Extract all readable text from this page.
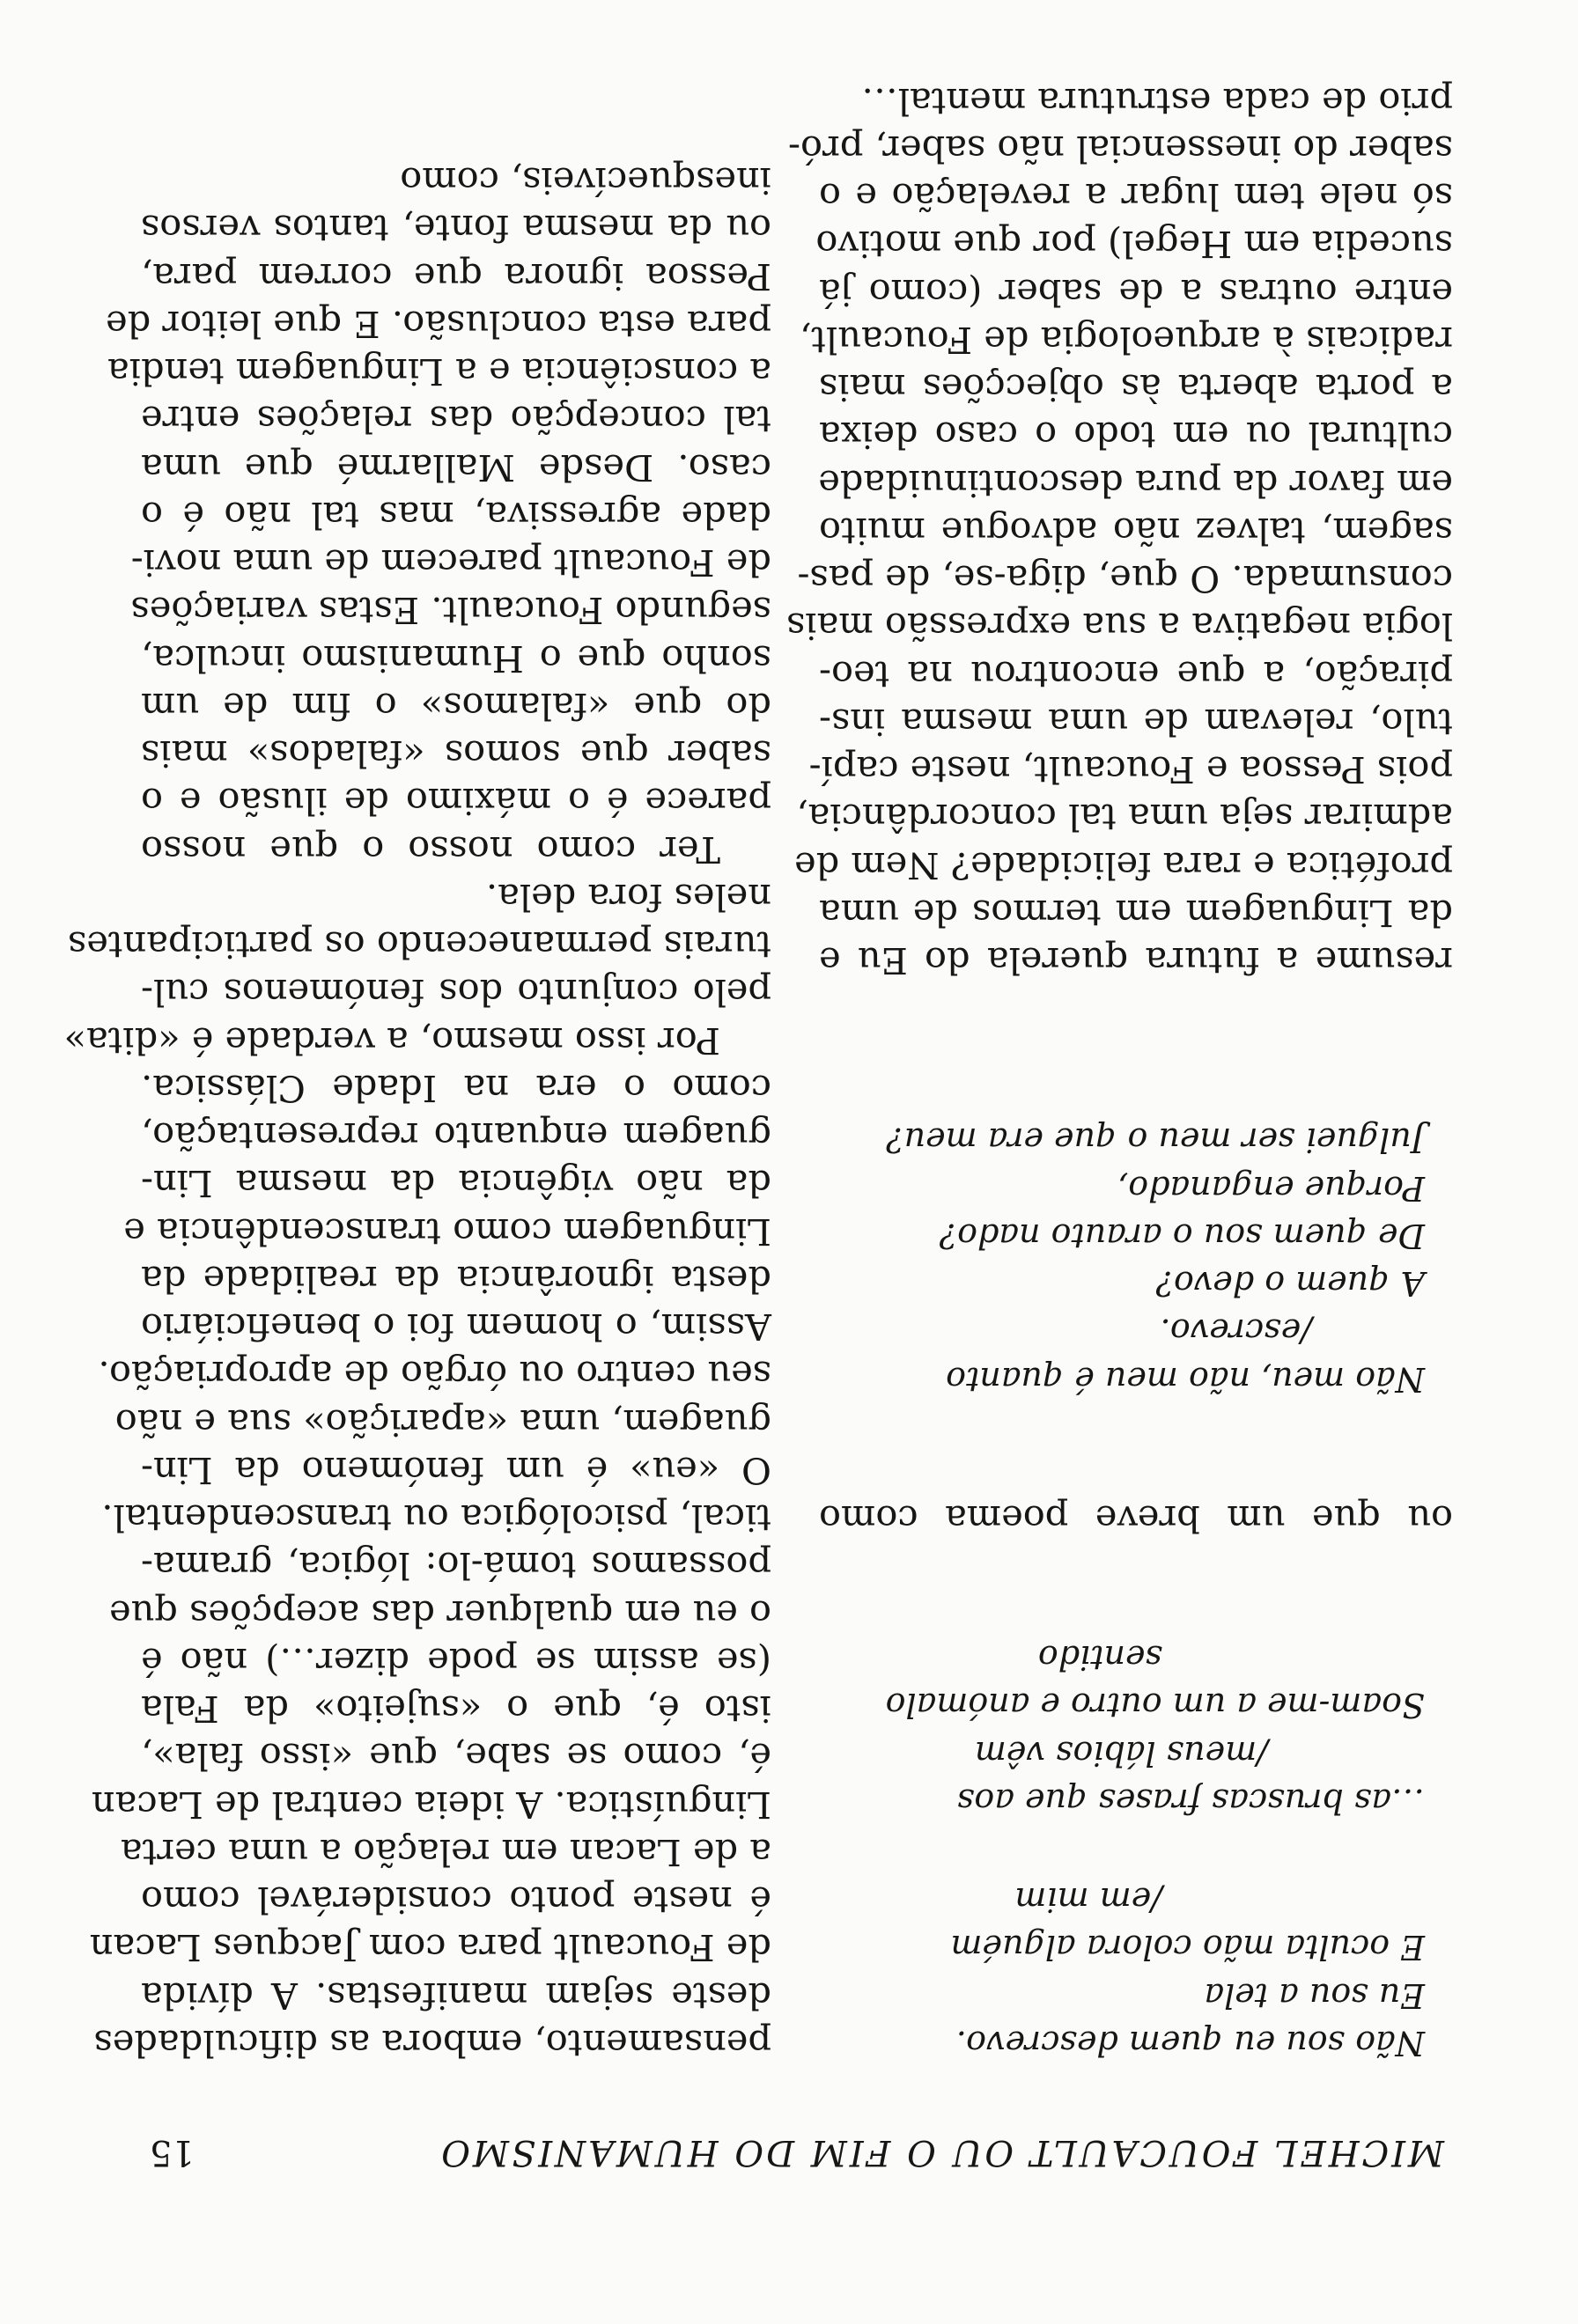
MICHEL FOUCAULT OU O FIM DO HUMANISMO
15
Não sou eu quem descrevo.
Eu sou a tela
E oculta mão colora alguém
/em mim
…as bruscas frases que aos
/meus lábios vêm
Soam-me a um outro e anómalo
sentido
ou que um breve poema como
Não meu, não meu é quanto
/escrevo.
A quem o devo?
De quem sou o arauto nado?
Porque enganado,
Julguei ser meu o que era meu?
resume a futura querela do Eu e
da Linguagem em termos de uma
profética e rara felicidade? Nem de
admirar seja uma tal concordância,
pois Pessoa e Foucault, neste capí-
tulo, relevam de uma mesma ins-
piração, a que encontrou na teo-
logia negativa a sua expressão mais
consumada. O que, diga-se, de pas-
sagem, talvez não advogue muito
em favor da pura descontinuidade
cultural ou em todo o caso deixa
a porta aberta às objecções mais
radicais à arqueologia de Foucault,
entre outras a de saber (como já
sucedia em Hegel) por que motivo
só nele tem lugar a revelação e o
saber do inessencial não saber, pró-
prio de cada estrutura mental…
pensamento, embora as dificuldades
deste sejam manifestas. A dívida
de Foucault para com Jacques Lacan
é neste ponto considerável como
a de Lacan em relação a uma certa
Linguística. A ideia central de Lacan
é, como se sabe, que «isso fala»,
isto é, que o «sujeito» da Fala
(se assim se pode dizer…) não é
o eu em qualquer das acepções que
possamos tomá-lo: lógica, grama-
tical, psicológica ou transcendental.
O «eu» é um fenómeno da Lin-
guagem, uma «aparição» sua e não
seu centro ou órgão de apropriação.
Assim, o homem foi o beneficiário
desta ignorância da realidade da
Linguagem como transcendência e
da não vigência da mesma Lin-
guagem enquanto representação,
como o era na Idade Clássica.
Por isso mesmo, a verdade é «dita»
pelo conjunto dos fenómenos cul-
turais permanecendo os participantes
neles fora dela.
Ter como nosso o que nosso
parece é o máximo de ilusão e o
saber que somos «falados» mais
do que «falamos» o fim de um
sonho que o Humanismo inculca,
segundo Foucault. Estas variações
de Foucault parecem de uma novi-
dade agressiva, mas tal não é o
caso. Desde Mallarmé que uma
tal concepção das relações entre
a consciência e a Linguagem tendia
para esta conclusão. E que leitor de
Pessoa ignora que correm para,
ou da mesma fonte, tantos versos
inesquecíveis, como
